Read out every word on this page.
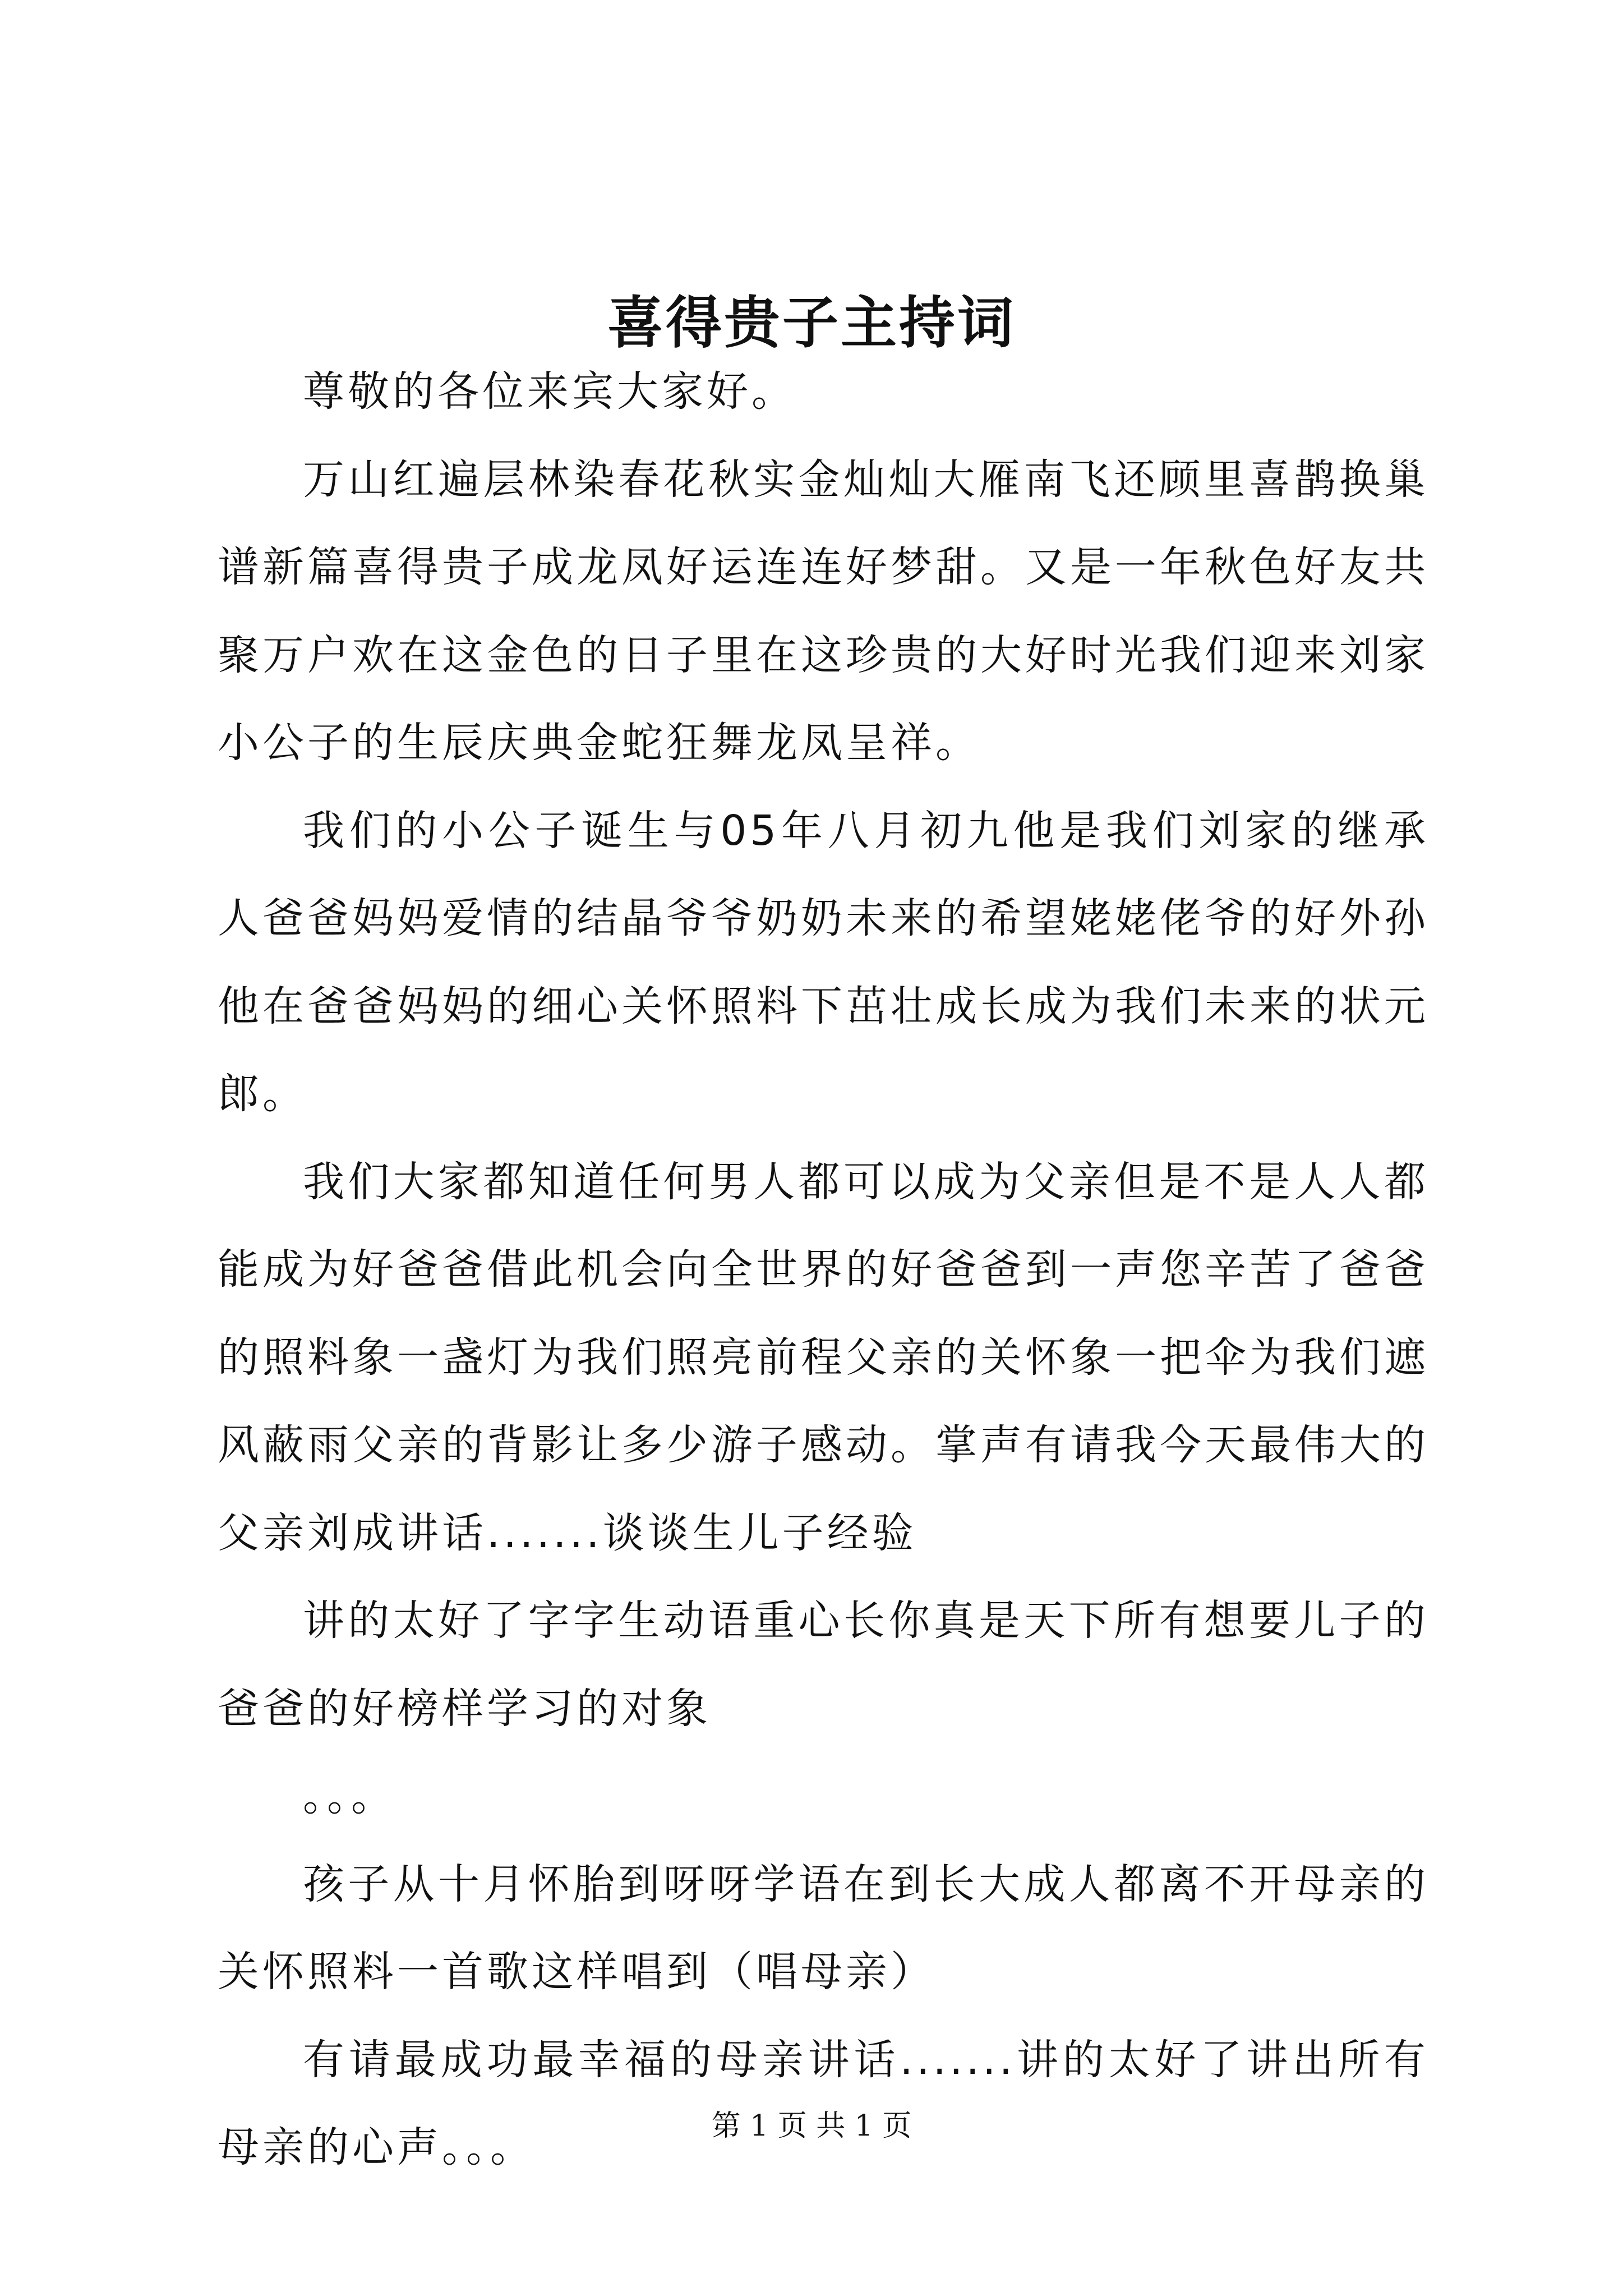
喜得贵子主持词

尊敬的各位来宾大家好。

万山红遍层林染春花秋实金灿灿大雁南飞还顾里喜鹊换巢谱新篇喜得贵子成龙凤好运连连好梦甜。又是一年秋色好友共聚万户欢在这金色的日子里在这珍贵的大好时光我们迎来刘家小公子的生辰庆典金蛇狂舞龙凤呈祥。

我们的小公子诞生与05年八月初九他是我们刘家的继承人爸爸妈妈爱情的结晶爷爷奶奶未来的希望姥姥佬爷的好外孙他在爸爸妈妈的细心关怀照料下茁壮成长成为我们未来的状元郎。

我们大家都知道任何男人都可以成为父亲但是不是人人都能成为好爸爸借此机会向全世界的好爸爸到一声您辛苦了爸爸的照料象一盏灯为我们照亮前程父亲的关怀象一把伞为我们遮风蔽雨父亲的背影让多少游子感动。掌声有请我今天最伟大的父亲刘成讲话.......谈谈生儿子经验

讲的太好了字字生动语重心长你真是天下所有想要儿子的爸爸的好榜样学习的对象

。。。

孩子从十月怀胎到呀呀学语在到长大成人都离不开母亲的关怀照料一首歌这样唱到（唱母亲）

有请最成功最幸福的母亲讲话.......讲的太好了讲出所有母亲的心声。。。	第 1 页 共 1 页
